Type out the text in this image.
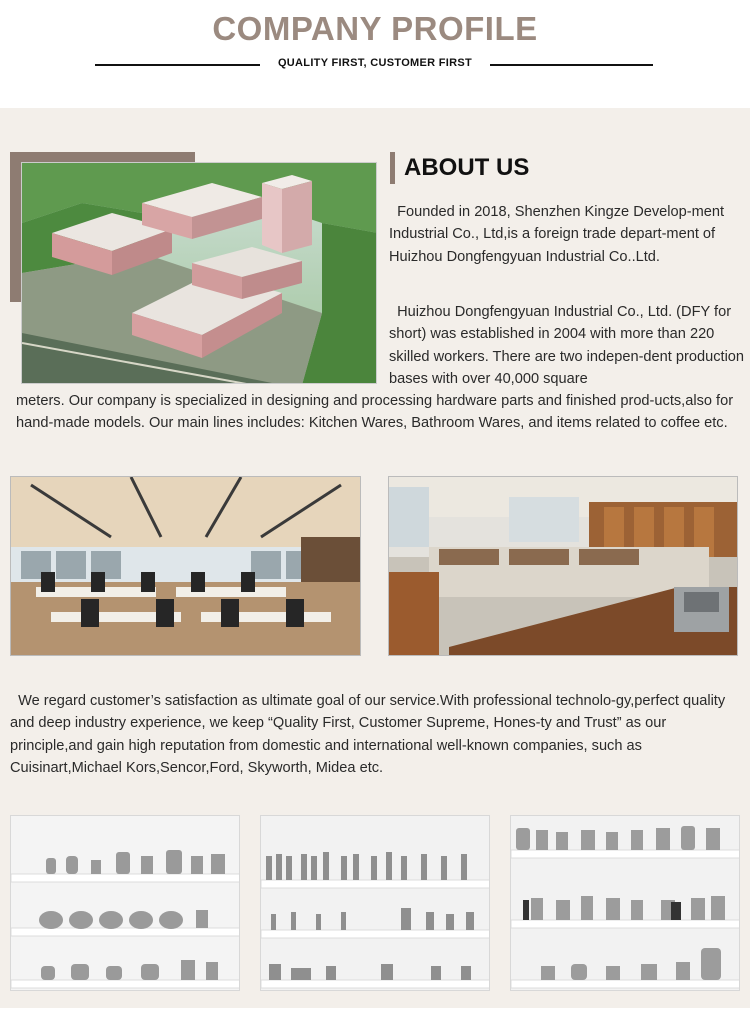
COMPANY PROFILE
QUALITY FIRST, CUSTOMER FIRST
ABOUT US
Founded in 2018, Shenzhen Kingze Develop-ment Industrial Co., Ltd,is a foreign trade depart-ment of Huizhou Dongfengyuan Industrial Co..Ltd.
Huizhou Dongfengyuan Industrial Co., Ltd. (DFY for short) was established in 2004 with more than 220 skilled workers. There are two indepen-dent production bases with over 40,000 square
meters. Our company is specialized in designing and processing hardware parts and finished prod-ucts,also for hand-made models. Our main lines includes: Kitchen Wares, Bathroom Wares, and items related to coffee etc.
We regard customer’s satisfaction as ultimate goal of our service.With professional technolo-gy,perfect quality and deep industry experience, we keep “Quality First, Customer Supreme, Hones-ty and Trust” as our principle,and gain high reputation from domestic and international well-known companies, such as Cuisinart,Michael Kors,Sencor,Ford, Skyworth, Midea etc.
